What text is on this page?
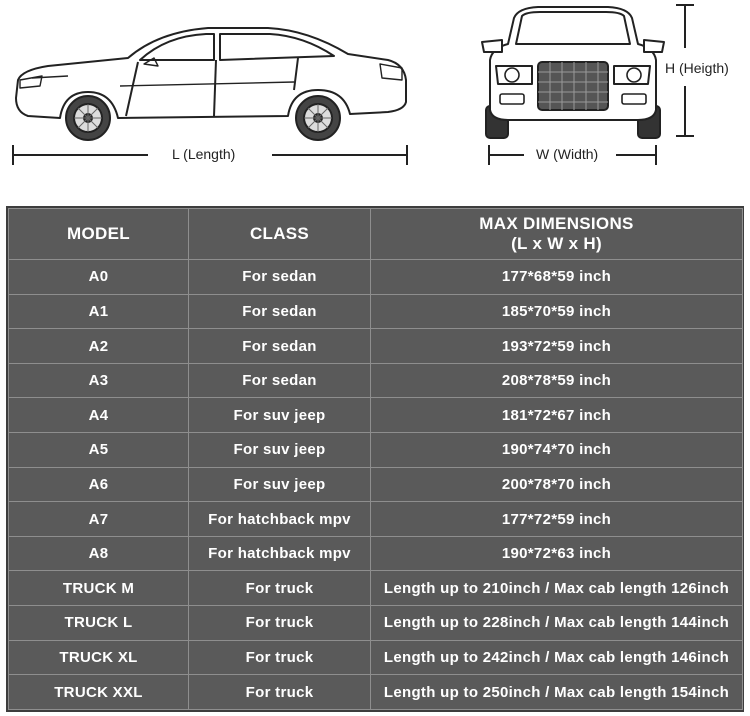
L (Length)	W (Width)
H (Heigth)
MODEL	CLASS	MAX DIMENSIONS
(L x W x H)

A0	For sedan	177*68*59 inch
A1	For sedan	185*70*59 inch
A2	For sedan	193*72*59 inch
A3	For sedan	208*78*59 inch
A4	For suv jeep	181*72*67 inch
A5	For suv jeep	190*74*70 inch
A6	For suv jeep	200*78*70 inch
A7	For hatchback mpv	177*72*59 inch
A8	For hatchback mpv	190*72*63 inch
TRUCK M	For truck	Length up to 210inch / Max cab length 126inch
TRUCK L	For truck	Length up to 228inch / Max cab length 144inch
TRUCK XL	For truck	Length up to 242inch / Max cab length 146inch
TRUCK XXL	For truck	Length up to 250inch / Max cab length 154inch
